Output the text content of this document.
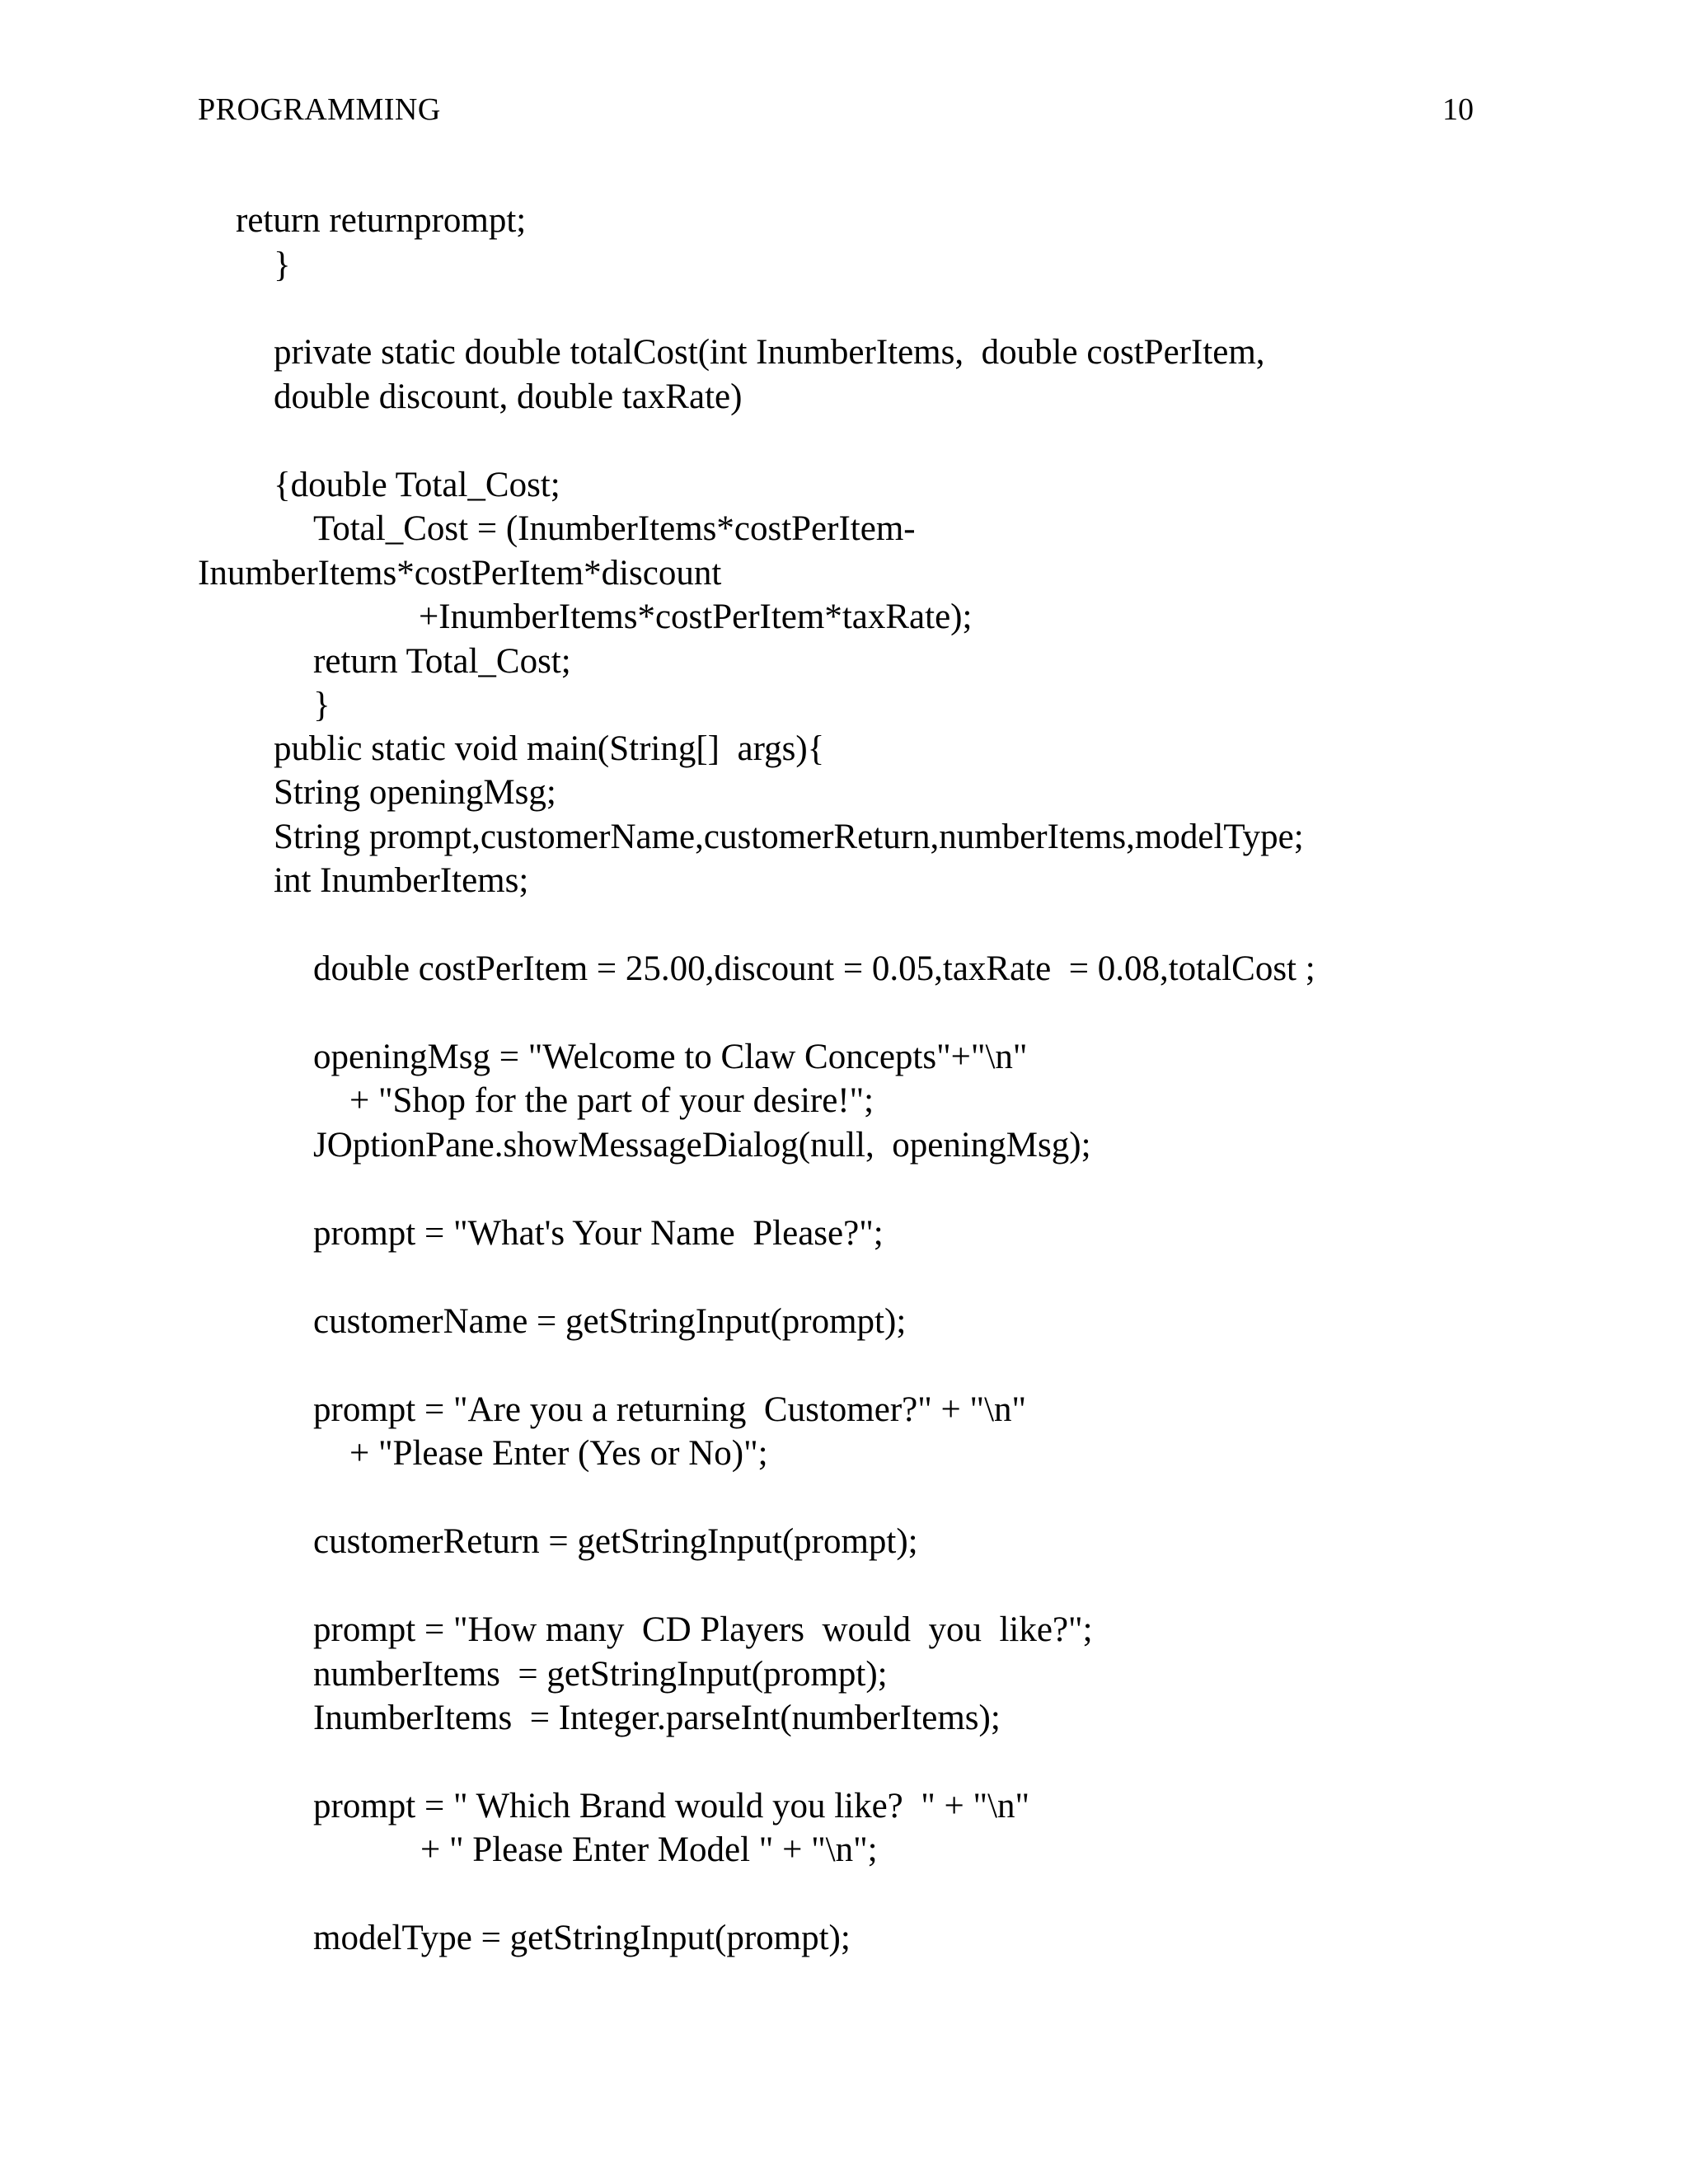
PROGRAMMING	10
return returnprompt;
}
private static double totalCost(int InumberItems,  double costPerItem,
double discount, double taxRate)
{double Total_Cost;
Total_Cost = (InumberItems*costPerItem-
InumberItems*costPerItem*discount
+InumberItems*costPerItem*taxRate);
return Total_Cost;
}
public static void main(String[]  args){
String openingMsg;
String prompt,customerName,customerReturn,numberItems,modelType;
int InumberItems;
double costPerItem = 25.00,discount = 0.05,taxRate  = 0.08,totalCost ;
openingMsg = "Welcome to Claw Concepts"+"\n"
+ "Shop for the part of your desire!";
JOptionPane.showMessageDialog(null,  openingMsg);
prompt = "What's Your Name  Please?";
customerName = getStringInput(prompt);
prompt = "Are you a returning  Customer?" + "\n"
+ "Please Enter (Yes or No)";
customerReturn = getStringInput(prompt);
prompt = "How many  CD Players  would  you  like?";
numberItems  = getStringInput(prompt);
InumberItems  = Integer.parseInt(numberItems);
prompt = " Which Brand would you like?  " + "\n"
+ " Please Enter Model " + "\n";
modelType = getStringInput(prompt);
